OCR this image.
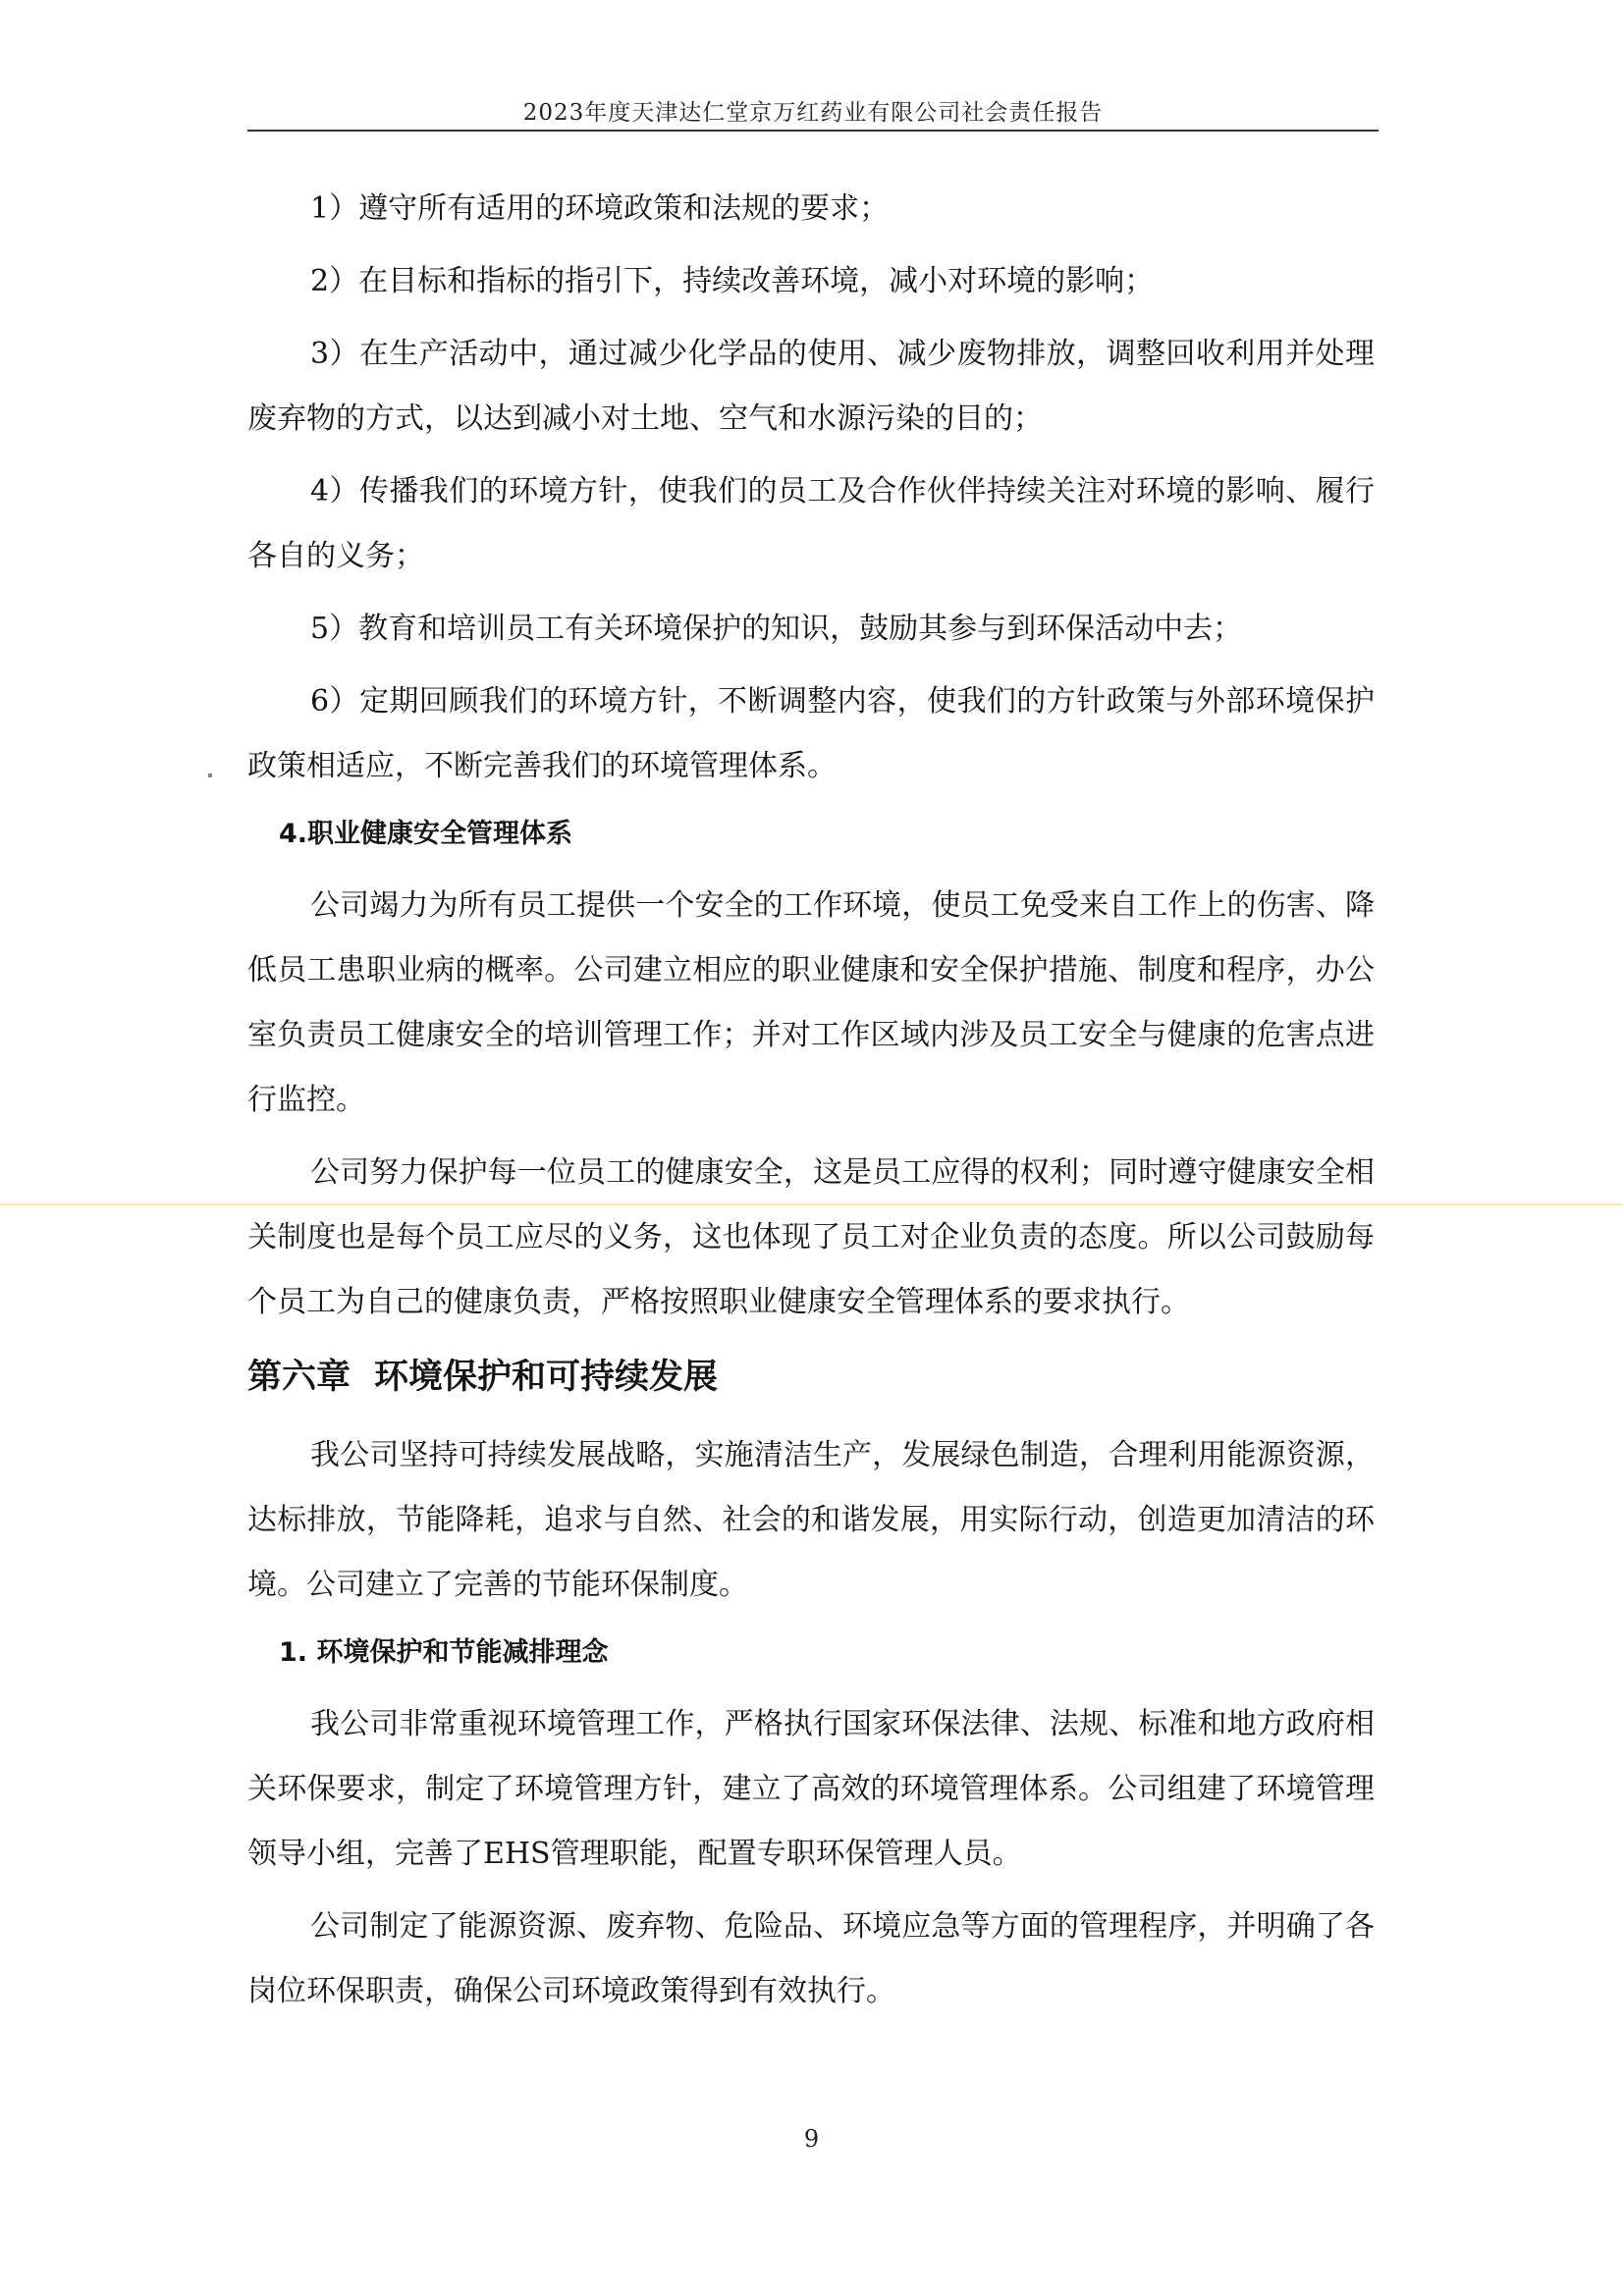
2023年度天津达仁堂京万红药业有限公司社会责任报告

1）遵守所有适用的环境政策和法规的要求；

2）在目标和指标的指引下，持续改善环境，减小对环境的影响；

3）在生产活动中，通过减少化学品的使用、减少废物排放，调整回收利用并处理废弃物的方式，以达到减小对土地、空气和水源污染的目的；

4）传播我们的环境方针，使我们的员工及合作伙伴持续关注对环境的影响、履行各自的义务；

5）教育和培训员工有关环境保护的知识，鼓励其参与到环保活动中去；

6）定期回顾我们的环境方针，不断调整内容，使我们的方针政策与外部环境保护政策相适应，不断完善我们的环境管理体系。

4.职业健康安全管理体系

公司竭力为所有员工提供一个安全的工作环境，使员工免受来自工作上的伤害、降低员工患职业病的概率。公司建立相应的职业健康和安全保护措施、制度和程序，办公室负责员工健康安全的培训管理工作；并对工作区域内涉及员工安全与健康的危害点进行监控。

公司努力保护每一位员工的健康安全，这是员工应得的权利；同时遵守健康安全相关制度也是每个员工应尽的义务，这也体现了员工对企业负责的态度。所以公司鼓励每个员工为自己的健康负责，严格按照职业健康安全管理体系的要求执行。

第六章 环境保护和可持续发展

我公司坚持可持续发展战略，实施清洁生产，发展绿色制造，合理利用能源资源，达标排放，节能降耗，追求与自然、社会的和谐发展，用实际行动，创造更加清洁的环境。公司建立了完善的节能环保制度。

1. 环境保护和节能减排理念

我公司非常重视环境管理工作，严格执行国家环保法律、法规、标准和地方政府相关环保要求，制定了环境管理方针，建立了高效的环境管理体系。公司组建了环境管理领导小组，完善了EHS管理职能，配置专职环保管理人员。

公司制定了能源资源、废弃物、危险品、环境应急等方面的管理程序，并明确了各岗位环保职责，确保公司环境政策得到有效执行。

9
